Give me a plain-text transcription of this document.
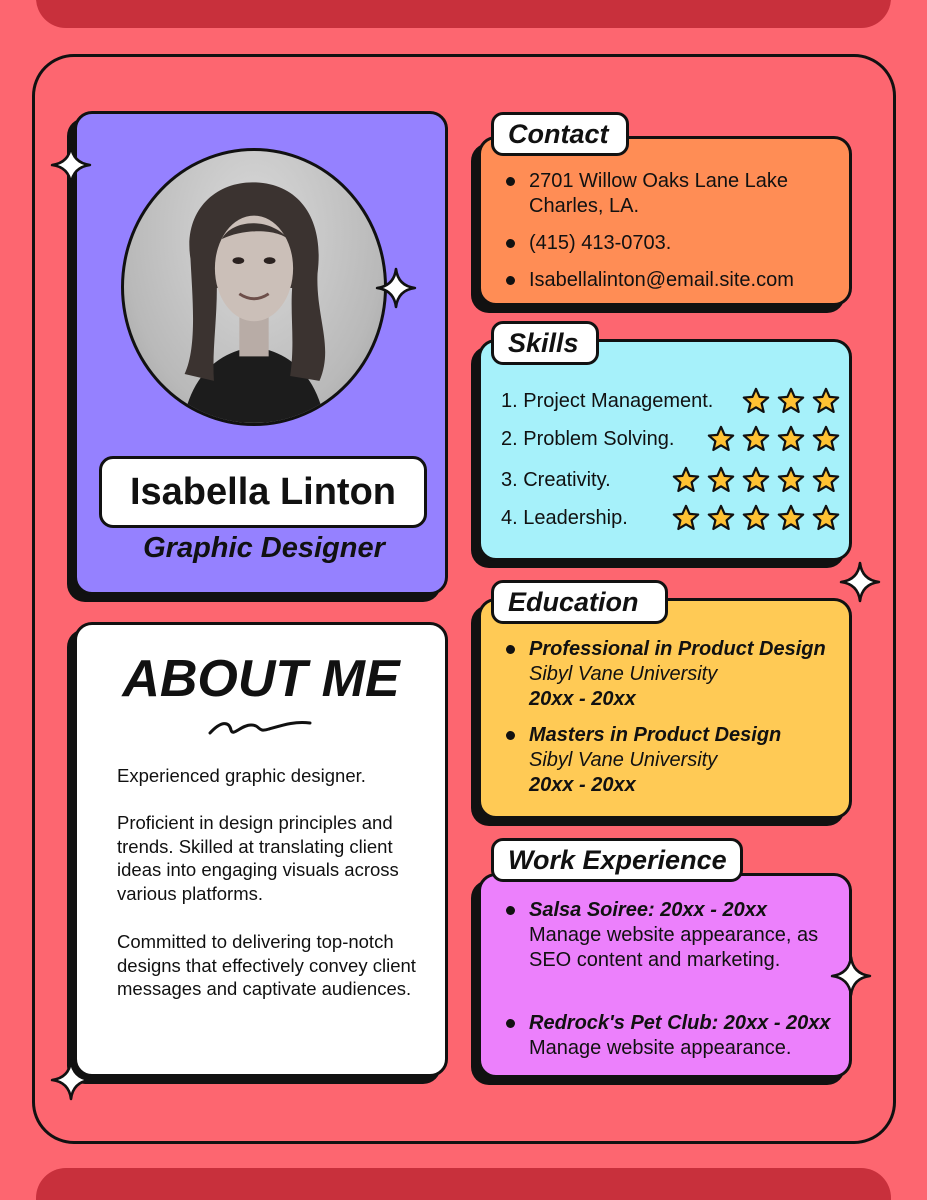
Isabella Linton
Graphic Designer
ABOUT ME

Experienced graphic designer.

Proficient in design principles and trends. Skilled at translating client ideas into engaging visuals across various platforms.

Committed to delivering top-notch designs that effectively convey client messages and captivate audiences.

Contact
2701 Willow Oaks Lane Lake Charles, LA.
(415) 413-0703.
Isabellalinton@email.site.com
Skills
1. Project Management.
2. Problem Solving.
3. Creativity.
4. Leadership.
Education
Professional in Product Design
Sibyl Vane University
20xx - 20xx
Masters in Product Design
Sibyl Vane University
20xx - 20xx
Work Experience
Salsa Soiree: 20xx - 20xx
Manage website appearance, as SEO content and marketing.
Redrock's Pet Club: 20xx - 20xx
Manage website appearance.
